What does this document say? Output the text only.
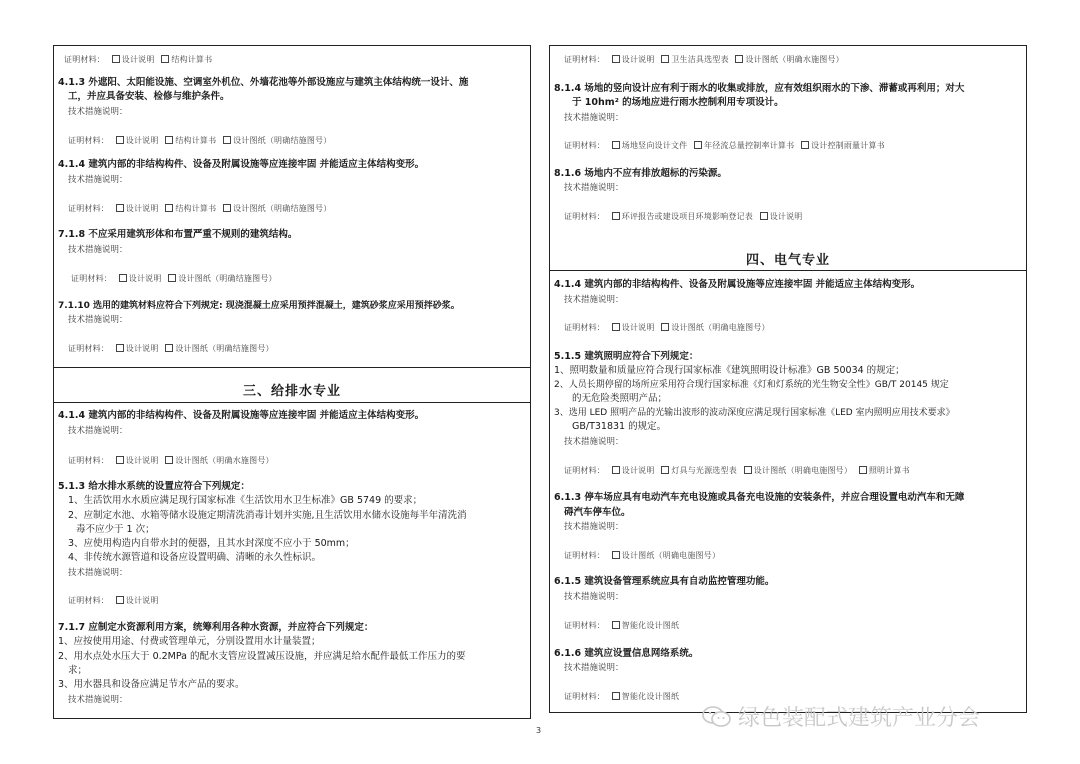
证明材料： 设计说明 结构计算书
4.1.3 外遮阳、太阳能设施、空调室外机位、外墙花池等外部设施应与建筑主体结构统一设计、施
工，并应具备安装、检修与维护条件。
技术措施说明：
证明材料： 设计说明 结构计算书 设计图纸（明确结施图号）
4.1.4 建筑内部的非结构构件、设备及附属设施等应连接牢固 并能适应主体结构变形。
技术措施说明：
证明材料： 设计说明 结构计算书 设计图纸（明确结施图号）
7.1.8 不应采用建筑形体和布置严重不规则的建筑结构。
技术措施说明：
证明材料： 设计说明 设计图纸（明确结施图号）
7.1.10 选用的建筑材料应符合下列规定: 现浇混凝土应采用预拌混凝土，建筑砂浆应采用预拌砂浆。
技术措施说明：
证明材料： 设计说明 设计图纸（明确结施图号）
三、给排水专业
4.1.4 建筑内部的非结构构件、设备及附属设施等应连接牢固 并能适应主体结构变形。
技术措施说明：
证明材料： 设计说明 设计图纸（明确水施图号）
5.1.3 给水排水系统的设置应符合下列规定：
1、生活饮用水水质应满足现行国家标准《生活饮用水卫生标准》GB 5749 的要求；
2、应制定水池、水箱等储水设施定期清洗消毒计划并实施,且生活饮用水储水设施每半年清洗消
毒不应少于 1 次；
3、应使用构造内自带水封的便器，且其水封深度不应小于 50mm；
4、非传统水源管道和设备应设置明确、清晰的永久性标识。
技术措施说明：
证明材料： 设计说明
7.1.7 应制定水资源利用方案，统筹利用各种水资源，并应符合下列规定：
1、应按使用用途、付费或管理单元，分别设置用水计量装置；
2、用水点处水压大于 0.2MPa 的配水支管应设置减压设施，并应满足给水配件最低工作压力的要
求；
3、用水器具和设备应满足节水产品的要求。
技术措施说明：
证明材料： 设计说明 卫生洁具选型表 设计图纸（明确水施图号）
8.1.4 场地的竖向设计应有利于雨水的收集或排放，应有效组织雨水的下渗、滞蓄或再利用；对大
于 10hm² 的场地应进行雨水控制利用专项设计。
技术措施说明：
证明材料： 场地竖向设计文件 年径流总量控制率计算书 设计控制雨量计算书
8.1.6 场地内不应有排放超标的污染源。
技术措施说明：
证明材料： 环评报告或建设项目环境影响登记表 设计说明
四、电气专业
4.1.4 建筑内部的非结构构件、设备及附属设施等应连接牢固 并能适应主体结构变形。
技术措施说明：
证明材料： 设计说明 设计图纸（明确电施图号）
5.1.5 建筑照明应符合下列规定：
1、照明数量和质量应符合现行国家标准《建筑照明设计标准》GB 50034 的规定；
2、人员长期停留的场所应采用符合现行国家标准《灯和灯系统的光生物安全性》GB/T 20145 规定
的无危险类照明产品；
3、选用 LED 照明产品的光输出波形的波动深度应满足现行国家标准《LED 室内照明应用技术要求》
GB/T31831 的规定。
技术措施说明：
证明材料： 设计说明 灯具与光源选型表 设计图纸（明确电施图号） 照明计算书
6.1.3 停车场应具有电动汽车充电设施或具备充电设施的安装条件，并应合理设置电动汽车和无障
碍汽车停车位。
技术措施说明：
证明材料： 设计图纸（明确电施图号）
6.1.5 建筑设备管理系统应具有自动监控管理功能。
技术措施说明：
证明材料： 智能化设计图纸
6.1.6 建筑应设置信息网络系统。
技术措施说明：
证明材料： 智能化设计图纸
3	绿色装配式建筑产业分会
